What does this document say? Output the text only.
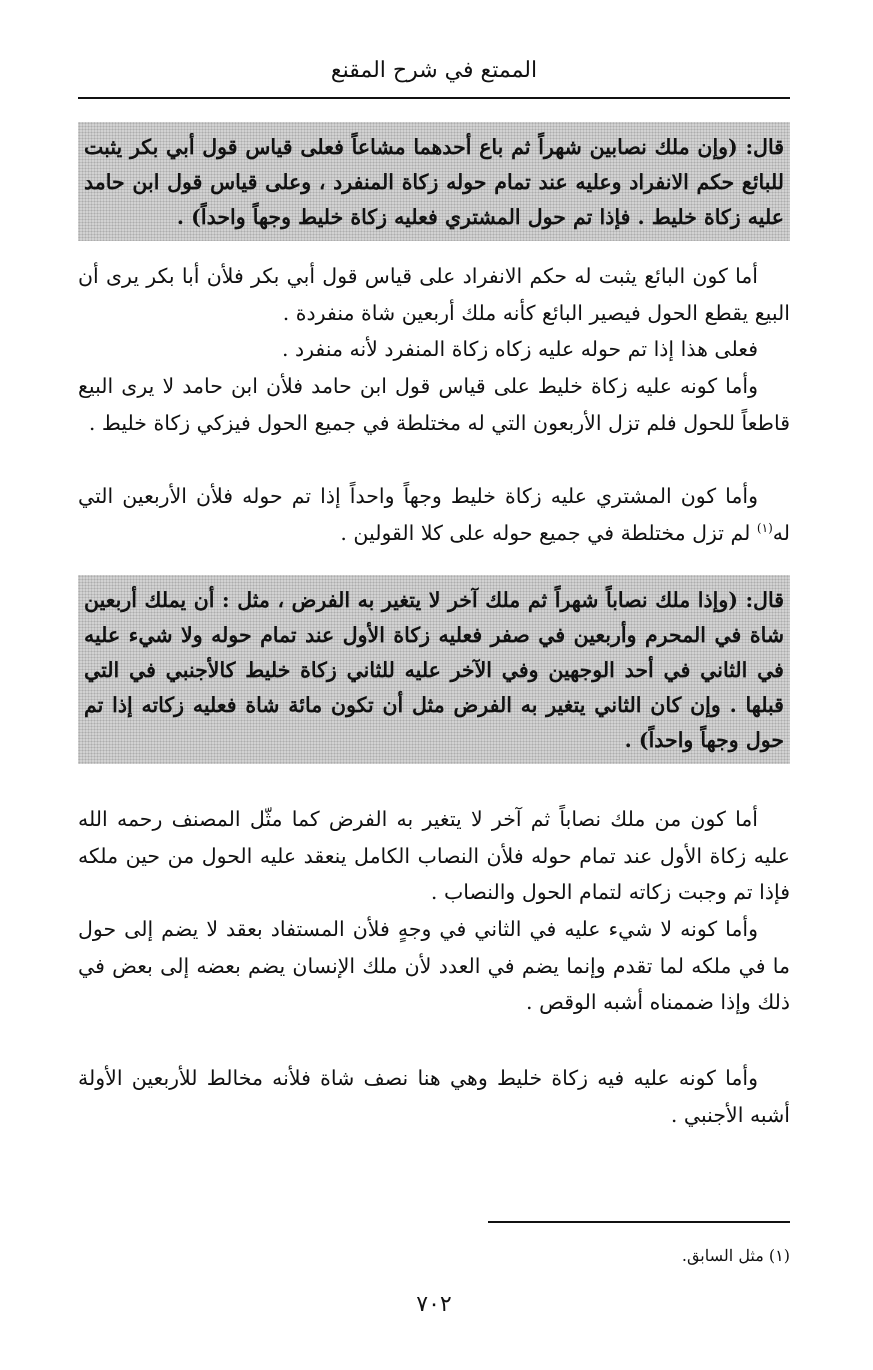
الممتع في شرح المقنع
قال: (وإن ملك نصابين شهراً ثم باع أحدهما مشاعاً فعلى قياس قول أبي بكر يثبت للبائع حكم الانفراد وعليه عند تمام حوله زكاة المنفرد ، وعلى قياس قول ابن حامد عليه زكاة خليط . فإذا تم حول المشتري فعليه زكاة خليط وجهاً واحداً) .

أما كون البائع يثبت له حكم الانفراد على قياس قول أبي بكر فلأن أبا بكر يرى أن البيع يقطع الحول فيصير البائع كأنه ملك أربعين شاة منفردة .

فعلى هذا إذا تم حوله عليه زكاه زكاة المنفرد لأنه منفرد .

وأما كونه عليه زكاة خليط على قياس قول ابن حامد فلأن ابن حامد لا يرى البيع قاطعاً للحول فلم تزل الأربعون التي له مختلطة في جميع الحول فيزكي زكاة خليط .

وأما كون المشتري عليه زكاة خليط وجهاً واحداً إذا تم حوله فلأن الأربعين التي له$^{(١)}$ لم تزل مختلطة في جميع حوله على كلا القولين .

قال: (وإذا ملك نصاباً شهراً ثم ملك آخر لا يتغير به الفرض ، مثل : أن يملك أربعين شاة في المحرم وأربعين في صفر فعليه زكاة الأول عند تمام حوله ولا شيء عليه في الثاني في أحد الوجهين وفي الآخر عليه للثاني زكاة خليط كالأجنبي في التي قبلها . وإن كان الثاني يتغير به الفرض مثل أن تكون مائة شاة فعليه زكاته إذا تم حول وجهاً واحداً) .

أما كون من ملك نصاباً ثم آخر لا يتغير به الفرض كما مثّل المصنف رحمه الله عليه زكاة الأول عند تمام حوله فلأن النصاب الكامل ينعقد عليه الحول من حين ملكه فإذا تم وجبت زكاته لتمام الحول والنصاب .

وأما كونه لا شيء عليه في الثاني في وجهٍ فلأن المستفاد بعقد لا يضم إلى حول ما في ملكه لما تقدم وإنما يضم في العدد لأن ملك الإنسان يضم بعضه إلى بعض في ذلك وإذا ضممناه أشبه الوقص .

وأما كونه عليه فيه زكاة خليط وهي هنا نصف شاة فلأنه مخالط للأربعين الأولة أشبه الأجنبي .

(١) مثل السابق.
٧٠٢
